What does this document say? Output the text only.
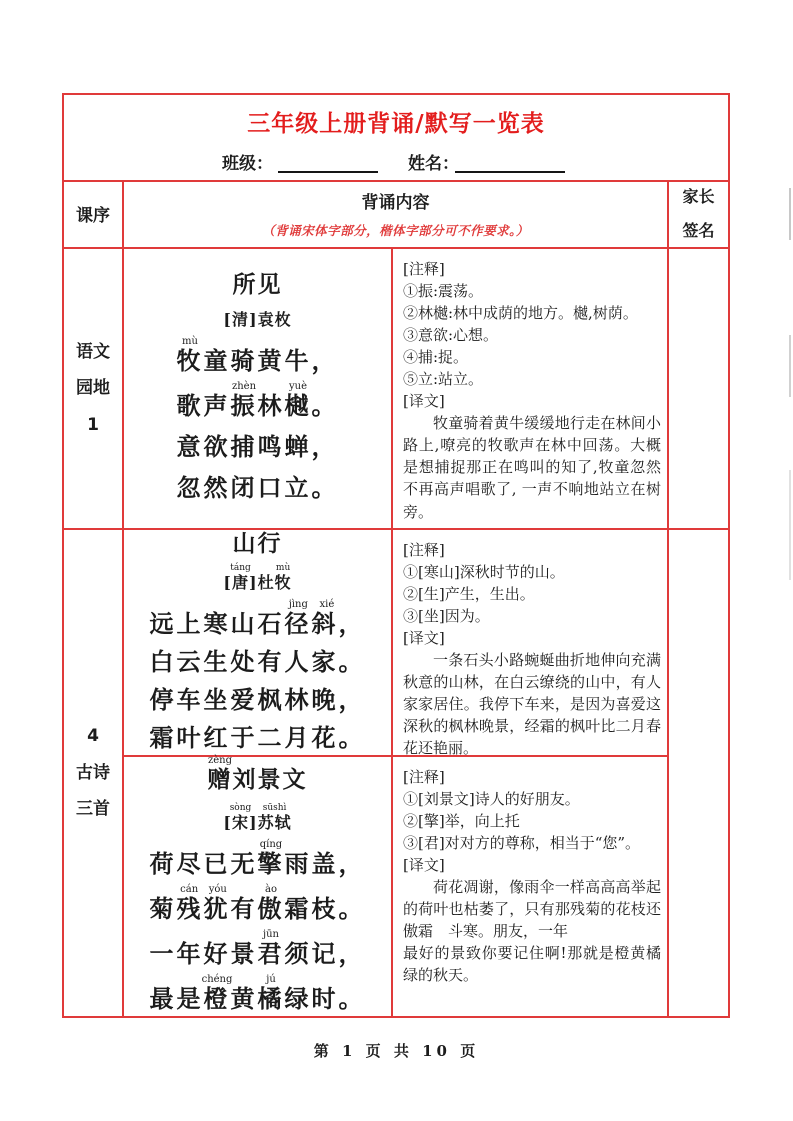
三年级上册背诵/默写一览表
班级：	姓名：
课序
背诵内容
（背诵宋体字部分，楷体字部分可不作要求。）
家长
签名
语文
园地
1
所见
[清]袁枚
牧mù童骑黄牛，
歌声振zhèn林樾yuè。
意欲捕鸣蝉，
忽然闭口立。
[注释]
①振:震荡。
②林樾:林中成荫的地方。樾,树荫。
③意欲:心想。
④捕:捉。
⑤立:站立。
[译文]

牧童骑着黄牛缓缓地行走在林间小路上,嘹亮的牧歌声在林中回荡。大概是想捕捉那正在鸣叫的知了,牧童忽然不再高声唱歌了, 一声不响地站立在树旁。

4
古诗
三首
山行
[唐táng]杜牧mù
远上寒山石径斜jìng xié，
白云生处有人家。
停车坐爱枫林晚，
霜叶红于二月花。
[注释]
①[寒山]深秋时节的山。
②[生]产生，生出。
③[坐]因为。
[译文]

一条石头小路蜿蜒曲折地伸向充满秋意的山林，在白云缭绕的山中，有人家家居住。我停下车来，是因为喜爱这深秋的枫林晚景，经霜的枫叶比二月春花还艳丽。

赠zèng刘景文
[宋sòng]苏轼sūshì
荷尽已无擎qíng雨盖，
菊残犹cán yóu有傲ào霜枝。
一年好景君jūn须记，
最是橙chéng黄橘jú绿时。
[注释]
①[刘景文]诗人的好朋友。
②[擎]举，向上托
③[君]对对方的尊称，相当于“您”。
[译文]

荷花凋谢，像雨伞一样高高高举起的荷叶也枯萎了，只有那残菊的花枝还傲霜　斗寒。朋友，一年

最好的景致你要记住啊!那就是橙黄橘绿的秋天。

第 1 页 共 10 页
